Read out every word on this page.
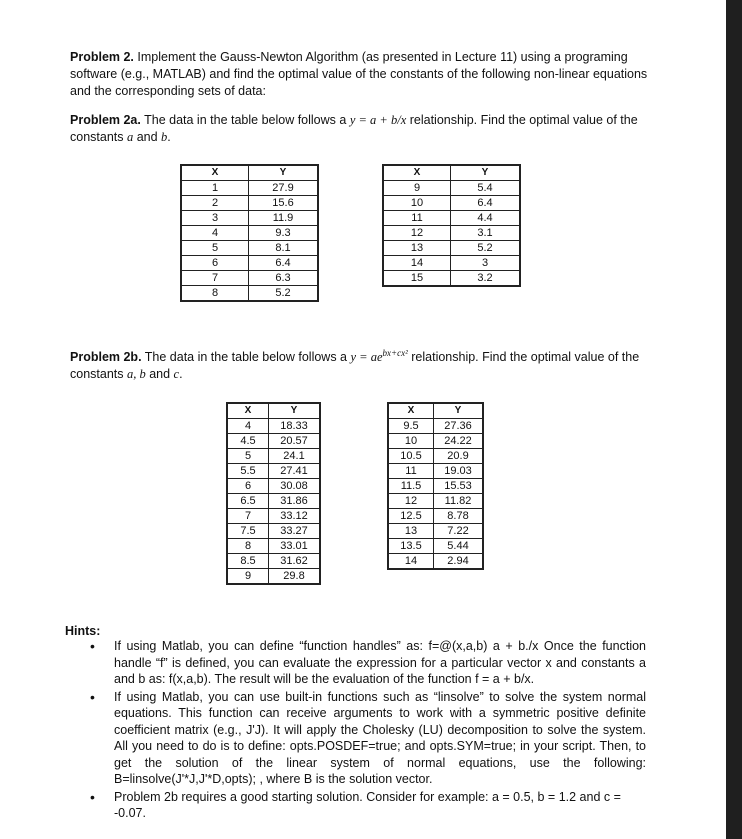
Problem 2. Implement the Gauss-Newton Algorithm (as presented in Lecture 11) using a programing software (e.g., MATLAB) and find the optimal value of the constants of the following non-linear equations and the corresponding sets of data:

Problem 2a. The data in the table below follows a y = a + b/x relationship. Find the optimal value of the constants a and b.

X	Y
1	27.9
2	15.6
3	11.9
4	9.3
5	8.1
6	6.4
7	6.3
8	5.2
X	Y
9	5.4
10	6.4
11	4.4
12	3.1
13	5.2
14	3
15	3.2

Problem 2b. The data in the table below follows a $y = ae^{bx+cx^2}$ relationship. Find the optimal value of the constants a, b and c.

X	Y
4	18.33
4.5	20.57
5	24.1
5.5	27.41
6	30.08
6.5	31.86
7	33.12
7.5	33.27
8	33.01
8.5	31.62
9	29.8
X	Y
9.5	27.36
10	24.22
10.5	20.9
11	19.03
11.5	15.53
12	11.82
12.5	8.78
13	7.22
13.5	5.44
14	2.94
Hints:
• If using Matlab, you can define “function handles” as: f=@(x,a,b) a + b./x Once the function handle “f” is defined, you can evaluate the expression for a particular vector x and constants a and b as: f(x,a,b). The result will be the evaluation of the function f = a + b/x.
• If using Matlab, you can use built-in functions such as “linsolve” to solve the system normal equations. This function can receive arguments to work with a symmetric positive definite coefficient matrix (e.g., J'J). It will apply the Cholesky (LU) decomposition to solve the system. All you need to do is to define: opts.POSDEF=true; and opts.SYM=true; in your script. Then, to get the solution of the linear system of normal equations, use the following: B=linsolve(J'*J,J'*D,opts); , where B is the solution vector.
• Problem 2b requires a good starting solution. Consider for example: a = 0.5, b = 1.2 and c = -0.07.
